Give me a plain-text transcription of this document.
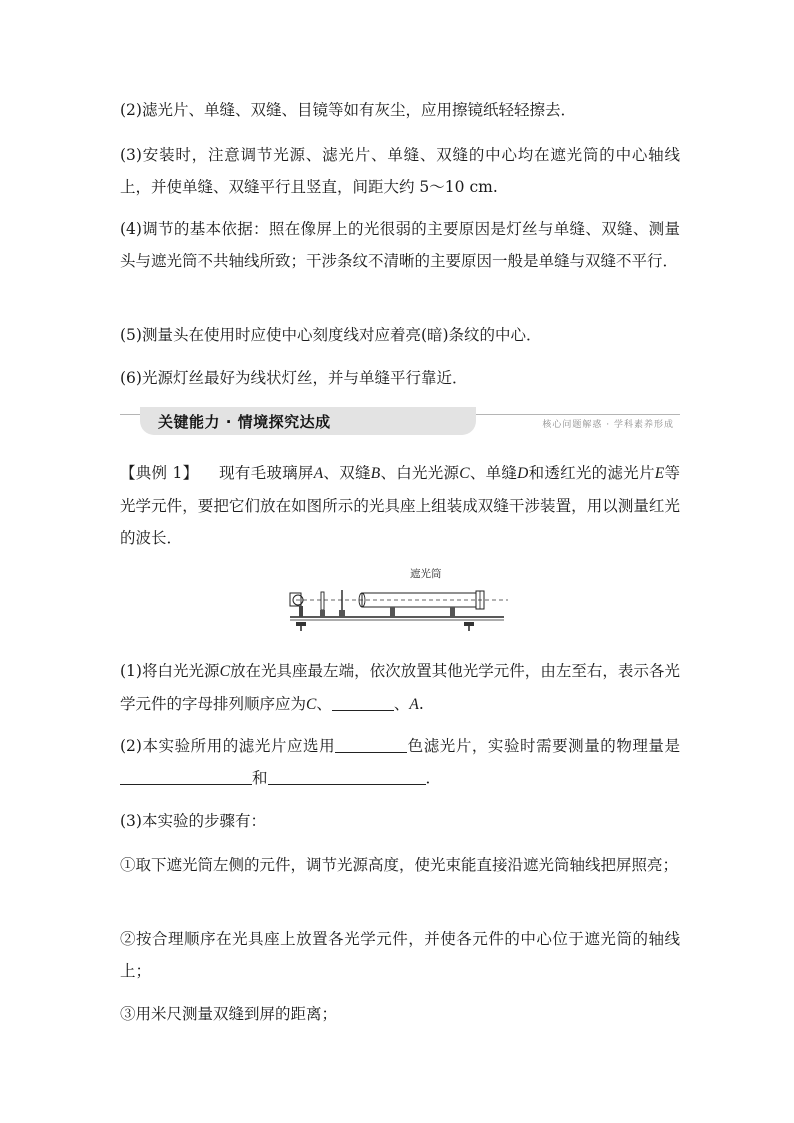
(2)滤光片、单缝、双缝、目镜等如有灰尘，应用擦镜纸轻轻擦去．

(3)安装时，注意调节光源、滤光片、单缝、双缝的中心均在遮光筒的中心轴线上，并使单缝、双缝平行且竖直，间距大约 5～10 cm.

(4)调节的基本依据：照在像屏上的光很弱的主要原因是灯丝与单缝、双缝、测量头与遮光筒不共轴线所致；干涉条纹不清晰的主要原因一般是单缝与双缝不平行．

(5)测量头在使用时应使中心刻度线对应着亮(暗)条纹的中心．

(6)光源灯丝最好为线状灯丝，并与单缝平行靠近．

关键能力 · 情境探究达成	核心问题解惑 · 学科素养形成

【典例 1】 现有毛玻璃屏A、双缝B、白光光源C、单缝D和透红光的滤光片E等光学元件，要把它们放在如图所示的光具座上组装成双缝干涉装置，用以测量红光的波长．

遮光筒

(1)将白光光源C放在光具座最左端，依次放置其他光学元件，由左至右，表示各光学元件的字母排列顺序应为C、	、A.

(2)本实验所用的滤光片应选用	色滤光片，实验时需要测量的物理量是和	．

(3)本实验的步骤有：

①取下遮光筒左侧的元件，调节光源高度，使光束能直接沿遮光筒轴线把屏照亮；

②按合理顺序在光具座上放置各光学元件，并使各元件的中心位于遮光筒的轴线上；

③用米尺测量双缝到屏的距离；
